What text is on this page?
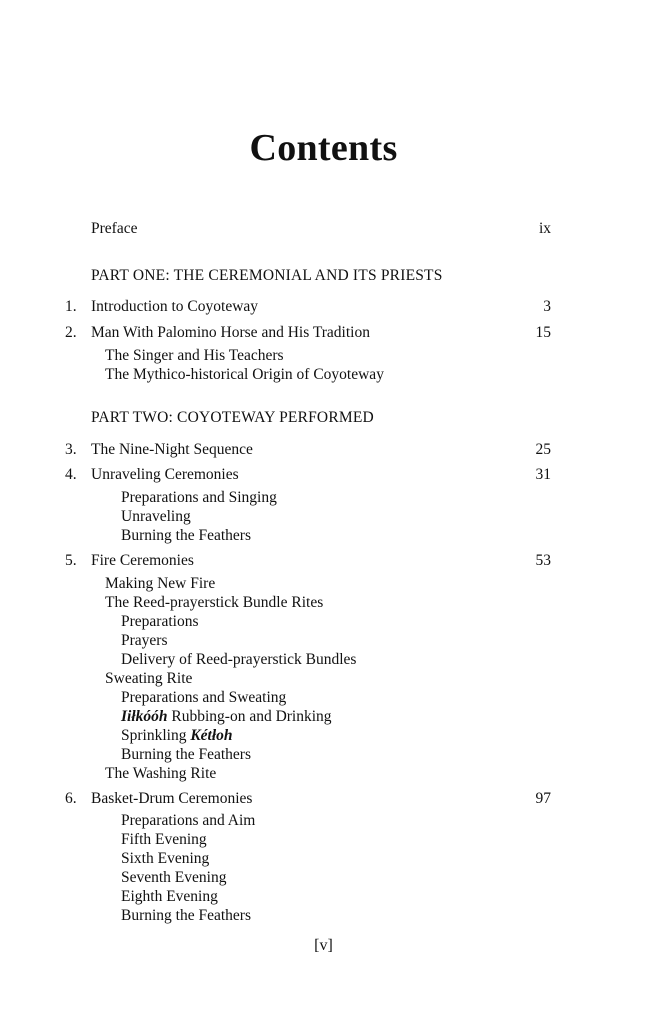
Contents
Preface	ix
PART ONE: THE CEREMONIAL AND ITS PRIESTS
1. Introduction to Coyoteway	3
2. Man With Palomino Horse and His Tradition	15
The Singer and His Teachers
The Mythico-historical Origin of Coyoteway
PART TWO: COYOTEWAY PERFORMED
3. The Nine-Night Sequence	25
4. Unraveling Ceremonies	31
Preparations and Singing
Unraveling
Burning the Feathers
5. Fire Ceremonies	53
Making New Fire
The Reed-prayerstick Bundle Rites
Preparations
Prayers
Delivery of Reed-prayerstick Bundles
Sweating Rite
Preparations and Sweating
Iiłkóóh Rubbing-on and Drinking
Sprinkling Kétłoh
Burning the Feathers
The Washing Rite
6. Basket-Drum Ceremonies	97
Preparations and Aim
Fifth Evening
Sixth Evening
Seventh Evening
Eighth Evening
Burning the Feathers
[v]
